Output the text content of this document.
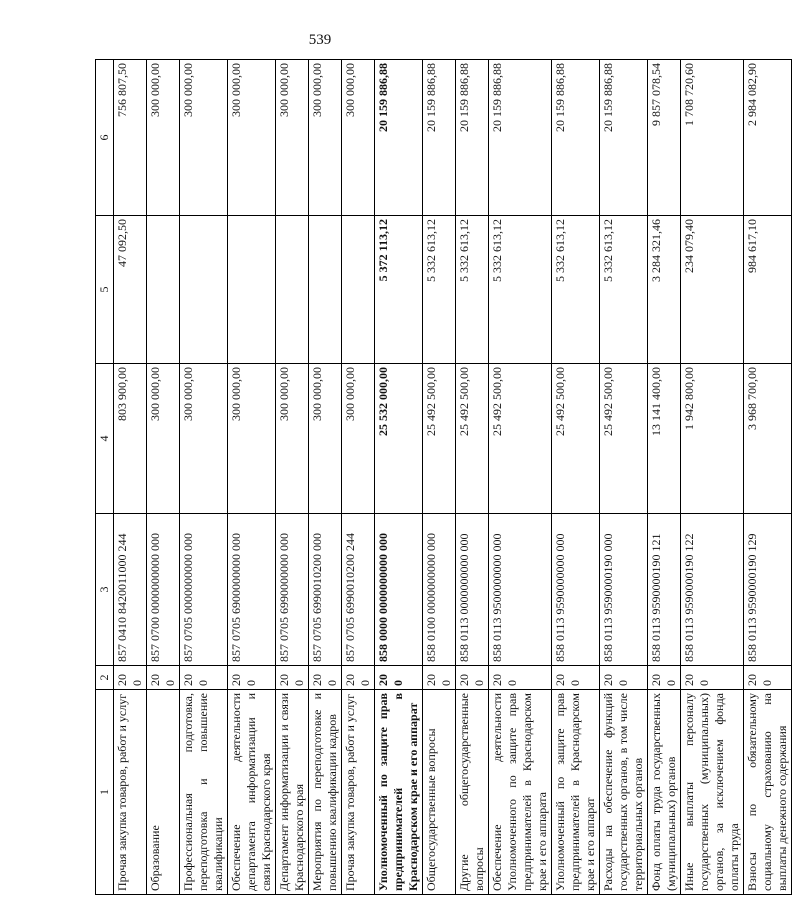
539
1	2	3	4	5	6
Прочая закупка товаров, работ и услуг	200	857 0410 8420011000 244	803 900,00	47 092,50	756 807,50
Образование	200	857 0700 0000000000 000	300 000,00		300 000,00
Профессиональная подготовка, переподготовка и повышение квалификации	200	857 0705 0000000000 000	300 000,00		300 000,00
Обеспечение деятельности департамента информатизации и связи Краснодарского края	200	857 0705 6900000000 000	300 000,00		300 000,00
Департамент информатизации и связи Краснодарского края	200	857 0705 6990000000 000	300 000,00		300 000,00
Мероприятия по переподготовке и повышению квалификации кадров	200	857 0705 6990010200 000	300 000,00		300 000,00
Прочая закупка товаров, работ и услуг	200	857 0705 6990010200 244	300 000,00		300 000,00
Уполномоченный по защите прав предпринимателей в Краснодарском крае и его аппарат	200	858 0000 0000000000 000	25 532 000,00	5 372 113,12	20 159 886,88
Общегосударственные вопросы	200	858 0100 0000000000 000	25 492 500,00	5 332 613,12	20 159 886,88
Другие общегосударственные вопросы	200	858 0113 0000000000 000	25 492 500,00	5 332 613,12	20 159 886,88
Обеспечение деятельности Уполномоченного по защите прав предпринимателей в Краснодарском крае и его аппарата	200	858 0113 9500000000 000	25 492 500,00	5 332 613,12	20 159 886,88
Уполномоченный по защите прав предпринимателей в Краснодарском крае и его аппарат	200	858 0113 9590000000 000	25 492 500,00	5 332 613,12	20 159 886,88
Расходы на обеспечение функций государственных органов, в том числе территориальных органов	200	858 0113 9590000190 000	25 492 500,00	5 332 613,12	20 159 886,88
Фонд оплаты труда государственных (муниципальных) органов	200	858 0113 9590000190 121	13 141 400,00	3 284 321,46	9 857 078,54
Иные выплаты персоналу государственных (муниципальных) органов, за исключением фонда оплаты труда	200	858 0113 9590000190 122	1 942 800,00	234 079,40	1 708 720,60
Взносы по обязательному социальному страхованию на выплаты денежного содержания	200	858 0113 9590000190 129	3 968 700,00	984 617,10	2 984 082,90
